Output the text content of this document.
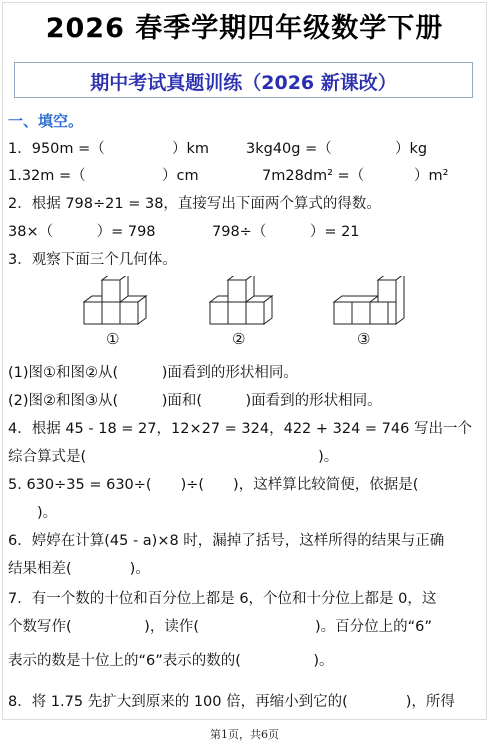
2026 春季学期四年级数学下册
期中考试真题训练（2026 新课改）
一、填空。
1．950m =（	）km	3kg40g =（	）kg
1.32m =（	）cm	7m28dm² =（	）m²
2．根据 798÷21 = 38，直接写出下面两个算式的得数。
38×（　　　）= 798	798÷（　　　）= 21
3．观察下面三个几何体。
①	②	③
(1)图①和图②从(　　　)面看到的形状相同。
(2)图②和图③从(　　　)面和(　　　)面看到的形状相同。
4．根据 45 - 18 = 27，12×27 = 324，422 + 324 = 746 写出一个
综合算式是(　　　　　　　　　　　　　　　　)。
5. 630÷35 = 630÷(　　)÷(　　)，这样算比较简便，依据是(
　　)。
6．婷婷在计算(45 - a)×8 时，漏掉了括号，这样所得的结果与正确
结果相差(　　　　)。
7．有一个数的十位和百分位上都是 6，个位和十分位上都是 0，这
个数写作(　　　　　)，读作(　　　　　　　　)。百分位上的“6”
表示的数是十位上的“6”表示的数的(　　　　　)。
8．将 1.75 先扩大到原来的 100 倍，再缩小到它的(　　　　)，所得
第1页，共6页
